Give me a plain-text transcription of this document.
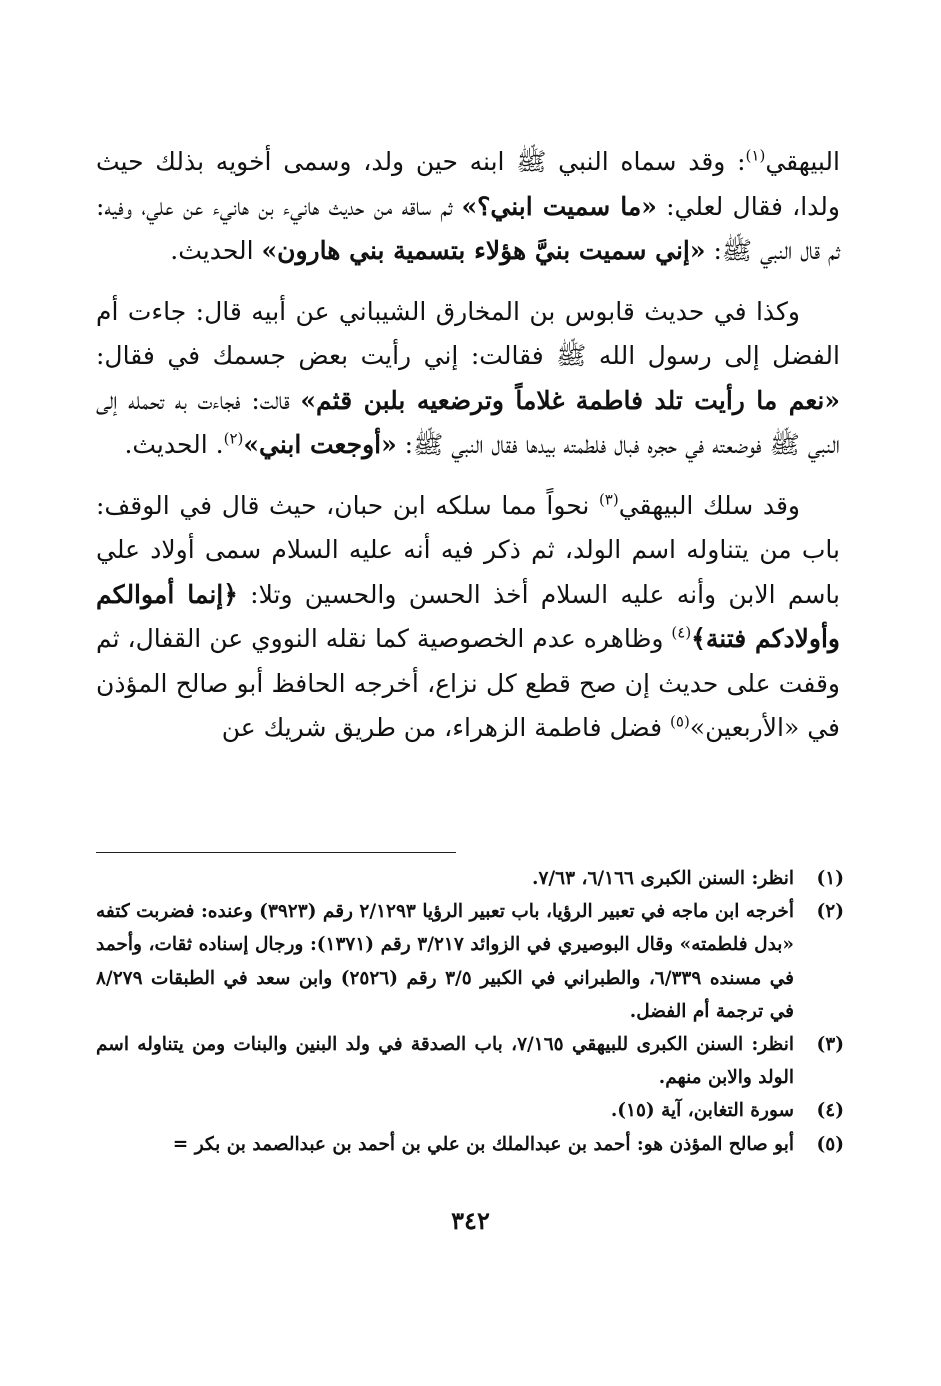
البيهقي$^{(١)}$: وقد سماه النبي ﷺ ابنه حين ولد، وسمى أخويه بذلك حيث ولدا، فقال لعلي: «ما سميت ابني؟» ثم ساقه من حديث هانيء بن هانيء عن علي، وفيه: ثم قال النبي ﷺ: «إني سميت بنيَّ هؤلاء بتسمية بني هارون» الحديث.

وكذا في حديث قابوس بن المخارق الشيباني عن أبيه قال: جاءت أم الفضل إلى رسول الله ﷺ فقالت: إني رأيت بعض جسمك في فقال: «نعم ما رأيت تلد فاطمة غلاماً وترضعيه بلبن قثم» قالت: فجاءت به تحمله إلى النبي ﷺ فوضعته في حجره فبال فلطمته بيدها فقال النبي ﷺ: «أوجعت ابني»$^{(٢)}$. الحديث.

وقد سلك البيهقي$^{(٣)}$ نحواً مما سلكه ابن حبان، حيث قال في الوقف: باب من يتناوله اسم الولد، ثم ذكر فيه أنه عليه السلام سمى أولاد علي باسم الابن وأنه عليه السلام أخذ الحسن والحسين وتلا: ﴿إنما أموالكم وأولادكم فتنة﴾$^{(٤)}$ وظاهره عدم الخصوصية كما نقله النووي عن القفال، ثم وقفت على حديث إن صح قطع كل نزاع، أخرجه الحافظ أبو صالح المؤذن في «الأربعين»$^{(٥)}$ فضل فاطمة الزهراء، من طريق شريك عن

(١)
انظر: السنن الكبرى ٦/١٦٦، ٧/٦٣.
(٢)
أخرجه ابن ماجه في تعبير الرؤيا، باب تعبير الرؤيا ٢/١٢٩٣ رقم (٣٩٢٣) وعنده: فضربت كتفه «بدل فلطمته» وقال البوصيري في الزوائد ٣/٢١٧ رقم (١٣٧١): ورجال إسناده ثقات، وأحمد في مسنده ٦/٣٣٩، والطبراني في الكبير ٣/٥ رقم (٢٥٢٦) وابن سعد في الطبقات ٨/٢٧٩ في ترجمة أم الفضل.
(٣)
انظر: السنن الكبرى للبيهقي ٧/١٦٥، باب الصدقة في ولد البنين والبنات ومن يتناوله اسم الولد والابن منهم.
(٤)
سورة التغابن، آية (١٥).
(٥)
أبو صالح المؤذن هو: أحمد بن عبدالملك بن علي بن أحمد بن عبدالصمد بن بكر =
٣٤٢
